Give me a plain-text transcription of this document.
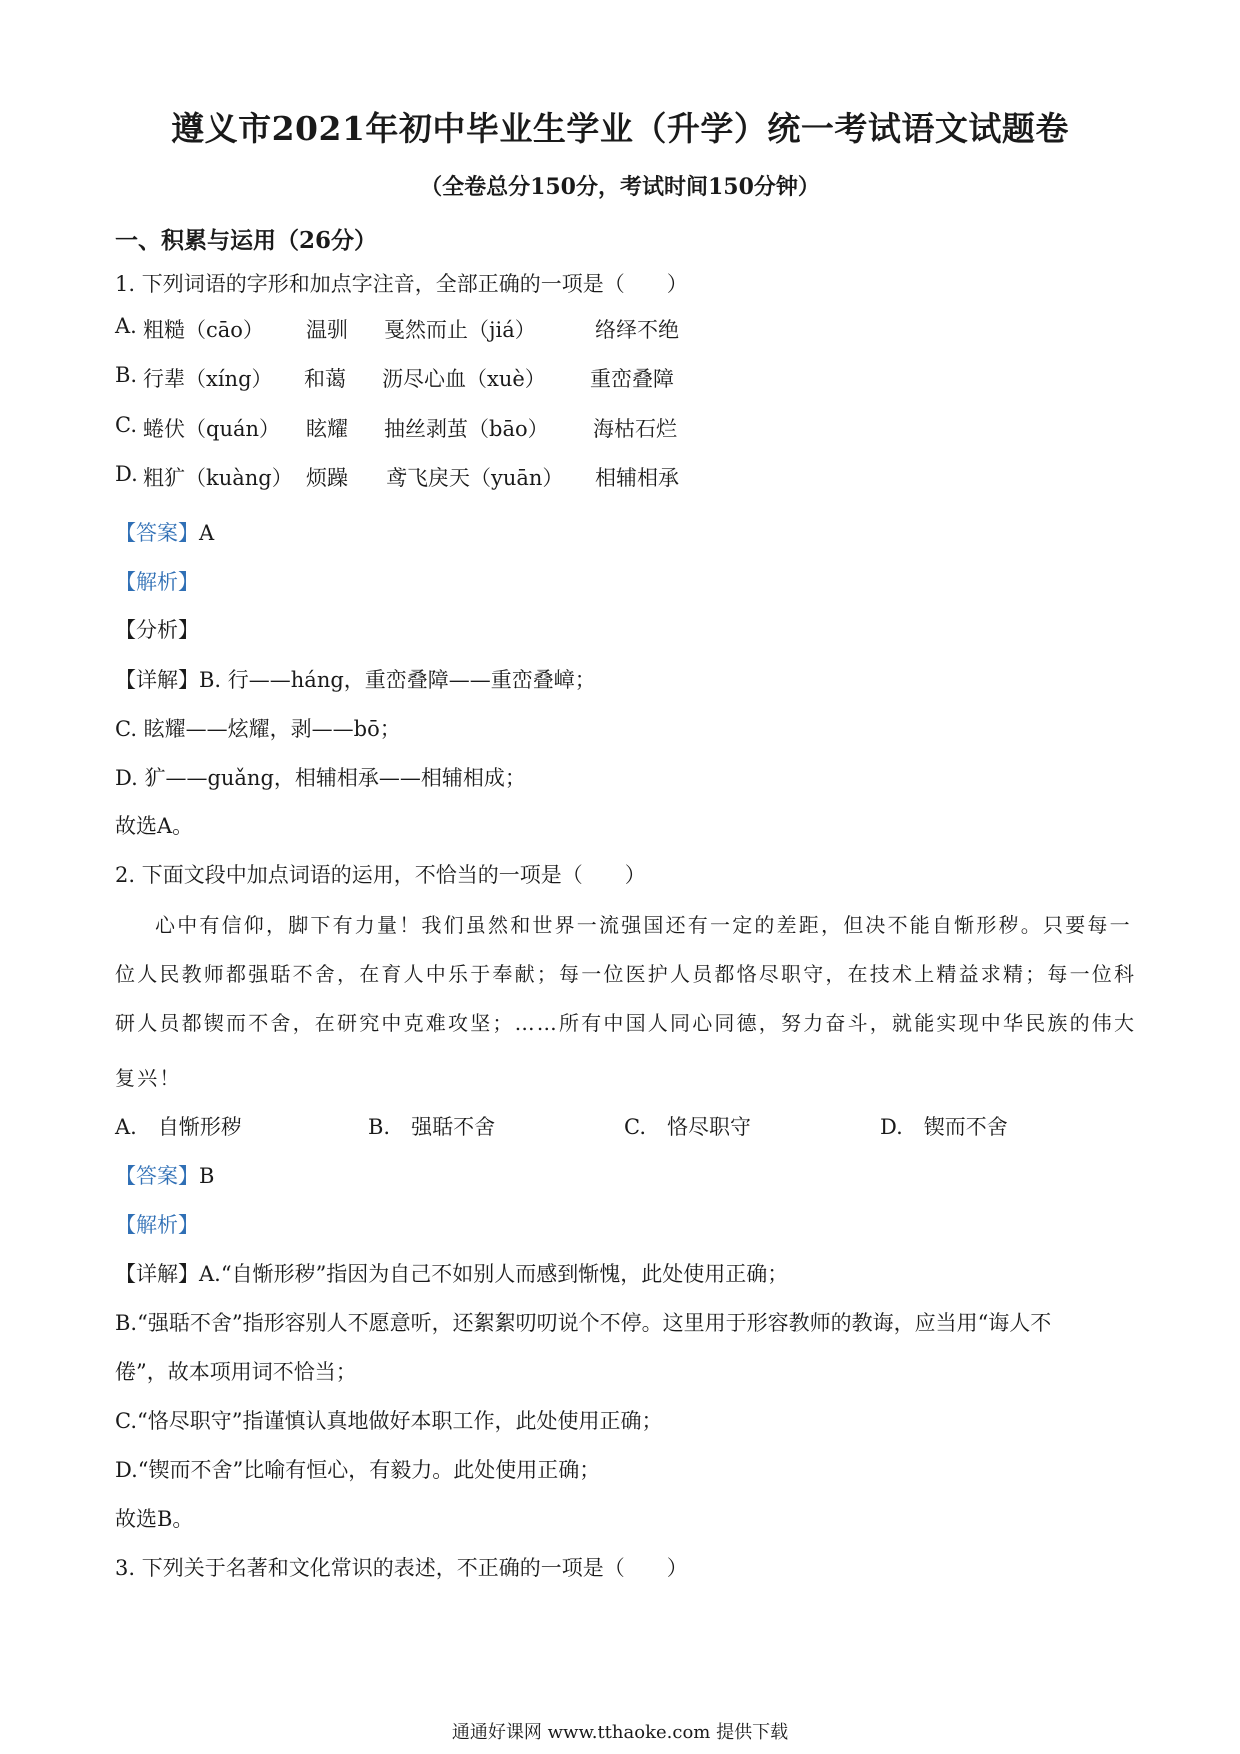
遵义市2021年初中毕业生学业（升学）统一考试语文试题卷
（全卷总分150分，考试时间150分钟）
一、积累与运用（26分）
1. 下列词语的字形和加点字注音，全部正确的一项是（　　）
A. 粗糙（cāo） 温驯 戛然而止（jiá）	络绎不绝
B. 行辈（xíng） 和蔼 沥尽心血（xuè） 重峦叠障
C. 蜷伏（quán） 眩耀 抽丝剥茧（bāo） 海枯石烂
D. 粗犷（kuàng） 烦躁 鸢飞戾天（yuān） 相辅相承
【答案】A
【解析】
【分析】
【详解】B. 行——háng，重峦叠障——重峦叠嶂；
C. 眩耀——炫耀，剥——bō；
D. 犷——guǎng，相辅相承——相辅相成；
故选A。
2. 下面文段中加点词语的运用，不恰当的一项是（　　）
心中有信仰，脚下有力量！我们虽然和世界一流强国还有一定的差距，但决不能自惭形秽。只要每一
位人民教师都强聒不舍，在育人中乐于奉献；每一位医护人员都恪尽职守，在技术上精益求精；每一位科
研人员都锲而不舍，在研究中克难攻坚；……所有中国人同心同德，努力奋斗，就能实现中华民族的伟大
复兴！
A.　自惭形秽	B.　强聒不舍	C.　恪尽职守	D.　锲而不舍
【答案】B
【解析】
【详解】A.“自惭形秽”指因为自己不如别人而感到惭愧，此处使用正确；
B.“强聒不舍”指形容别人不愿意听，还絮絮叨叨说个不停。这里用于形容教师的教诲，应当用“诲人不
倦”，故本项用词不恰当；
C.“恪尽职守”指谨慎认真地做好本职工作，此处使用正确；
D.“锲而不舍”比喻有恒心，有毅力。此处使用正确；
故选B。
3. 下列关于名著和文化常识的表述，不正确的一项是（　　）
通通好课网 www.tthaoke.com 提供下载
